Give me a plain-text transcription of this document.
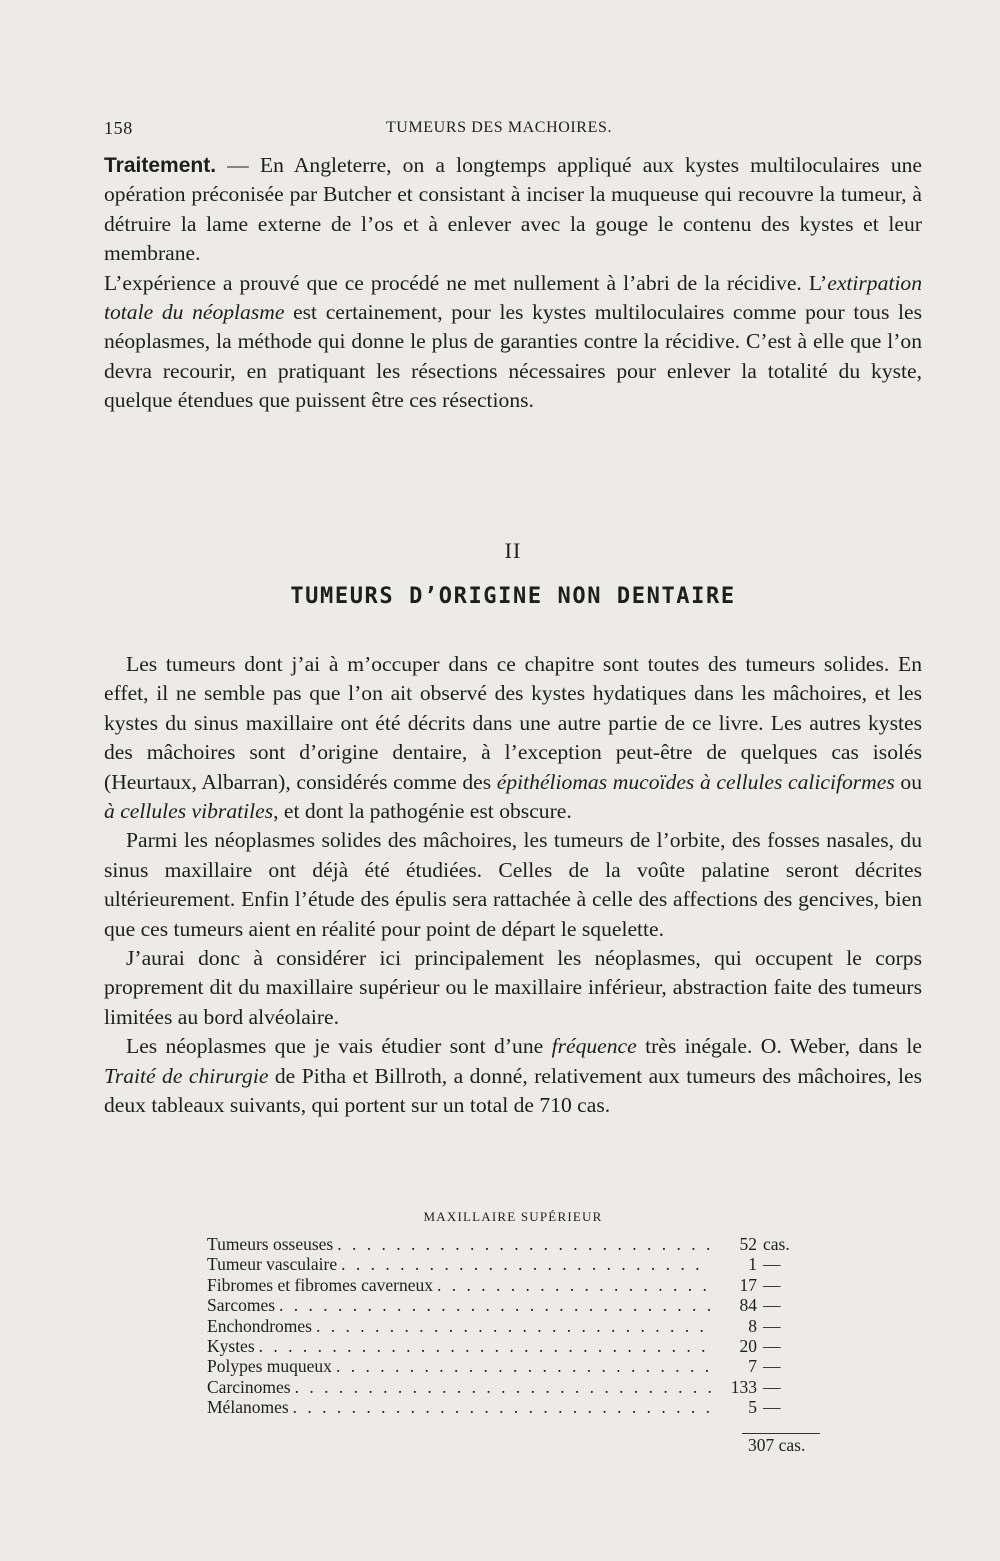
158	TUMEURS DES MACHOIRES.

Traitement. — En Angleterre, on a longtemps appliqué aux kystes multiloculaires une opération préconisée par Butcher et consistant à inciser la muqueuse qui recouvre la tumeur, à détruire la lame externe de l’os et à enlever avec la gouge le contenu des kystes et leur membrane.

L’expérience a prouvé que ce procédé ne met nullement à l’abri de la récidive. L’extirpation totale du néoplasme est certainement, pour les kystes multiloculaires comme pour tous les néoplasmes, la méthode qui donne le plus de garanties contre la récidive. C’est à elle que l’on devra recourir, en pratiquant les résections nécessaires pour enlever la totalité du kyste, quelque étendues que puissent être ces résections.

II
TUMEURS D’ORIGINE NON DENTAIRE

Les tumeurs dont j’ai à m’occuper dans ce chapitre sont toutes des tumeurs solides. En effet, il ne semble pas que l’on ait observé des kystes hydatiques dans les mâchoires, et les kystes du sinus maxillaire ont été décrits dans une autre partie de ce livre. Les autres kystes des mâchoires sont d’origine dentaire, à l’exception peut-être de quelques cas isolés (Heurtaux, Albarran), considérés comme des épithéliomas mucoïdes à cellules caliciformes ou à cellules vibratiles, et dont la pathogénie est obscure.

Parmi les néoplasmes solides des mâchoires, les tumeurs de l’orbite, des fosses nasales, du sinus maxillaire ont déjà été étudiées. Celles de la voûte palatine seront décrites ultérieurement. Enfin l’étude des épulis sera rattachée à celle des affections des gencives, bien que ces tumeurs aient en réalité pour point de départ le squelette.

J’aurai donc à considérer ici principalement les néoplasmes, qui occupent le corps proprement dit du maxillaire supérieur ou le maxillaire inférieur, abstraction faite des tumeurs limitées au bord alvéolaire.

Les néoplasmes que je vais étudier sont d’une fréquence très inégale. O. Weber, dans le Traité de chirurgie de Pitha et Billroth, a donné, relativement aux tumeurs des mâchoires, les deux tableaux suivants, qui portent sur un total de 710 cas.

MAXILLAIRE SUPÉRIEUR
Tumeurs osseuses . . .	52 cas.
Tumeur vasculaire . . .	1 —
Fibromes et fibromes caverneux . . .	17 —
Sarcomes . . .	84 —
Enchondromes . . .	8 —
Kystes . . .	20 —
Polypes muqueux . . .	7 —
Carcinomes . . .	133 —
Mélanomes . . .	5 —
307 cas.
